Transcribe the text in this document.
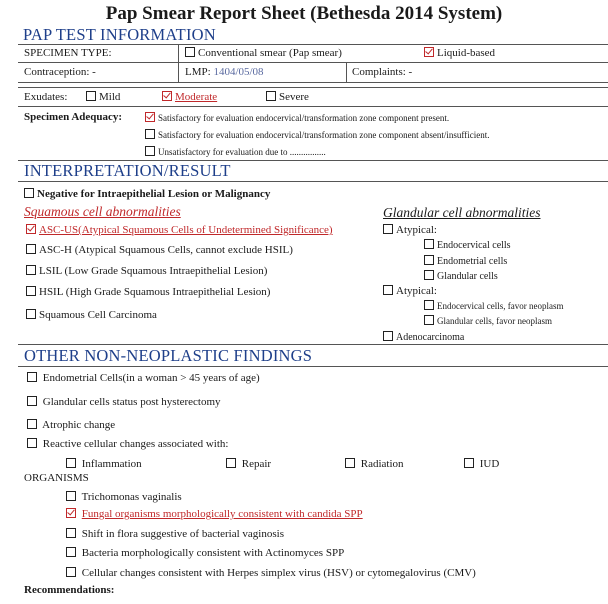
Pap Smear Report Sheet (Bethesda 2014 System)
PAP TEST INFORMATION
SPECIMEN TYPE:	Conventional smear (Pap smear)	Liquid-based
Contraception: -	LMP: 1404/05/08	Complaints: -
Exudates:	Mild	Moderate	Severe
Specimen Adequacy:	Satisfactory for evaluation endocervical/transformation zone component present.
Satisfactory for evaluation endocervical/transformation zone component absent/insufficient.
Unsatisfactory for evaluation due to ................
INTERPRETATION/RESULT
Negative for Intraepithelial Lesion or Malignancy
Squamous cell abnormalities
ASC-US(Atypical Squamous Cells of Undetermined Significance)
ASC-H (Atypical Squamous Cells, cannot exclude HSIL)
LSIL (Low Grade Squamous Intraepithelial Lesion)
HSIL (High Grade Squamous Intraepithelial Lesion)
Squamous Cell Carcinoma
Glandular cell abnormalities
Atypical:
Endocervical cells
Endometrial cells
Glandular cells
Atypical:
Endocervical cells, favor neoplasm
Glandular cells, favor neoplasm
Adenocarcinoma
OTHER NON-NEOPLASTIC FINDINGS
Endometrial Cells(in a woman > 45 years of age)
Glandular cells status post hysterectomy
Atrophic change
Reactive cellular changes associated with:
Inflammation	Repair	Radiation	IUD
ORGANISMS
Trichomonas vaginalis
Fungal organisms morphologically consistent with candida SPP
Shift in flora suggestive of bacterial vaginosis
Bacteria morphologically consistent with Actinomyces SPP
Cellular changes consistent with Herpes simplex virus (HSV) or cytomegalovirus (CMV)
Recommendations:
